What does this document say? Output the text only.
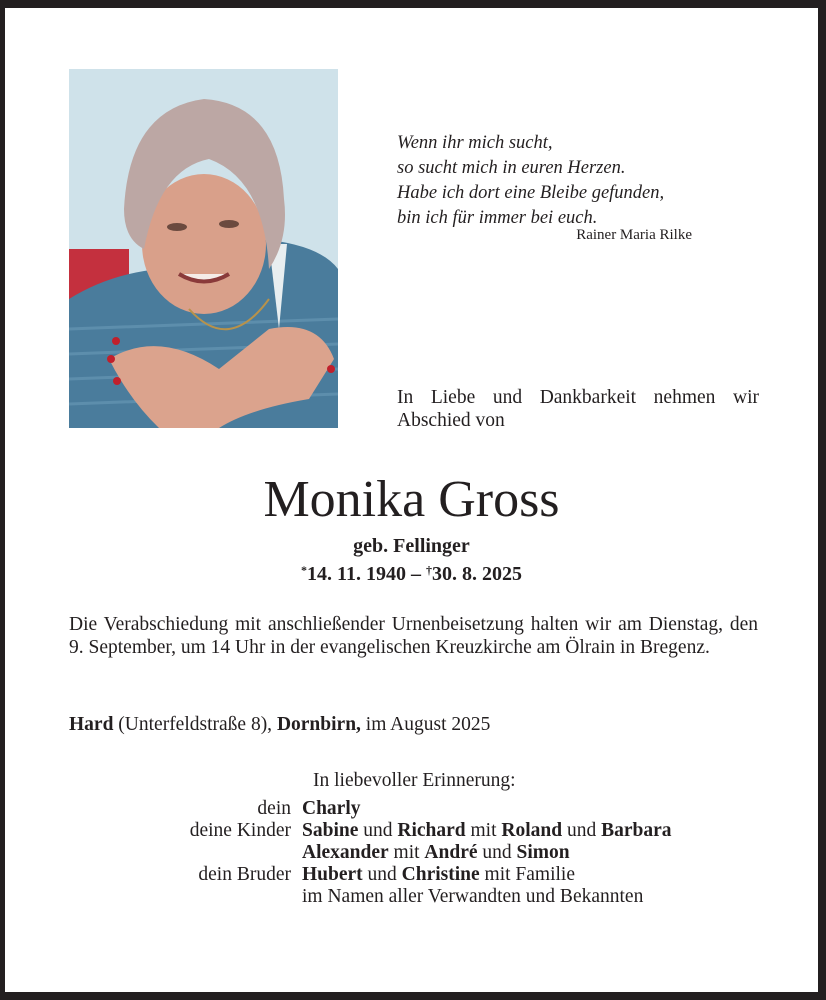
Wenn ihr mich sucht,
so sucht mich in euren Herzen.
Habe ich dort eine Bleibe gefunden,
bin ich für immer bei euch.
Rainer Maria Rilke
In Liebe und Dankbarkeit nehmen wir Abschied von
Monika Gross
geb. Fellinger
*14. 11. 1940 – †30. 8. 2025
Die Verabschiedung mit anschließender Urnenbeisetzung halten wir am Dienstag, den 9. September, um 14 Uhr in der evangelischen Kreuzkirche am Ölrain in Bregenz.
Hard (Unterfeldstraße 8), Dornbirn, im August 2025
In liebevoller Erinnerung:
dein Charly
deine Kinder Sabine und Richard mit Roland und Barbara
Alexander mit André und Simon
dein Bruder Hubert und Christine mit Familie
im Namen aller Verwandten und Bekannten
